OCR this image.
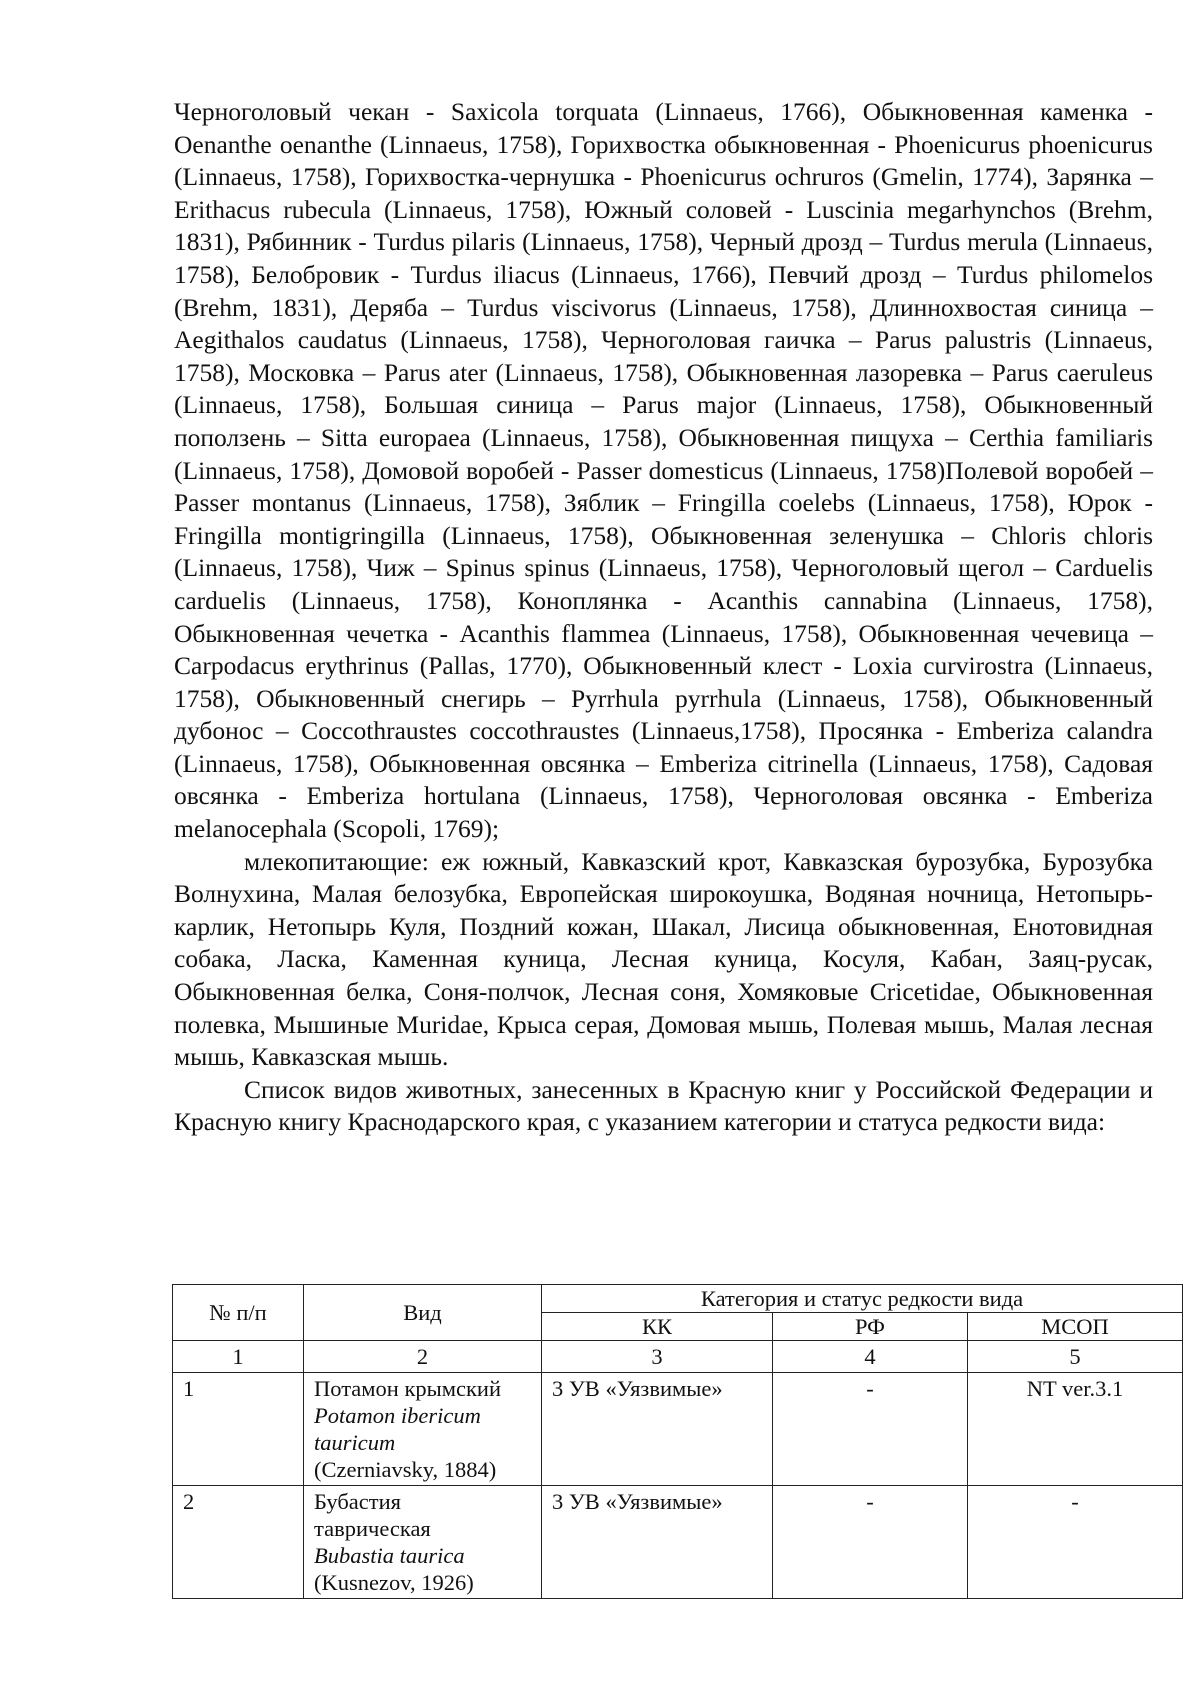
Черноголовый чекан - Saxicola torquata (Linnaeus, 1766), Обыкновенная каменка - Oenanthe oenanthe (Linnaeus, 1758), Горихвостка обыкновенная - Phoenicurus phoenicurus (Linnaeus, 1758), Горихвостка-чернушка - Phoenicurus ochruros (Gmelin, 1774), Зарянка – Erithacus rubecula (Linnaeus, 1758), Южный соловей - Luscinia megarhynchos (Brehm, 1831), Рябинник - Turdus pilaris (Linnaeus, 1758), Черный дрозд – Turdus merula (Linnaeus, 1758), Белобровик - Turdus iliacus (Linnaeus, 1766), Певчий дрозд – Turdus philomelos (Brehm, 1831), Деряба – Turdus viscivorus (Linnaeus, 1758), Длиннохвостая синица – Aegithalos caudatus (Linnaeus, 1758), Черноголовая гаичка – Parus palustris (Linnaeus, 1758), Московка – Parus ater (Linnaeus, 1758), Обыкновенная лазоревка – Parus caeruleus (Linnaeus, 1758), Большая синица – Parus major (Linnaeus, 1758), Обыкновенный поползень – Sitta europaea (Linnaeus, 1758), Обыкновенная пищуха – Certhia familiaris (Linnaeus, 1758), Домовой воробей - Passer domesticus (Linnaeus, 1758)Полевой воробей – Passer montanus (Linnaeus, 1758), Зяблик – Fringilla coelebs (Linnaeus, 1758), Юрок - Fringilla montigringilla (Linnaeus, 1758), Обыкновенная зеленушка – Chloris chloris (Linnaeus, 1758), Чиж – Spinus spinus (Linnaeus, 1758), Черноголовый щегол – Carduelis carduelis (Linnaeus, 1758), Коноплянка - Acanthis cannabina (Linnaeus, 1758), Обыкновенная чечетка - Acanthis flammea (Linnaeus, 1758), Обыкновенная чечевица – Carpodacus erythrinus (Pallas, 1770), Обыкновенный клест - Loxia curvirostra (Linnaeus, 1758), Обыкновенный снегирь – Pyrrhula pyrrhula (Linnaeus, 1758), Обыкновенный дубонос – Coccothraustes coccothraustes (Linnaeus,1758), Просянка - Emberiza calandra (Linnaeus, 1758), Обыкновенная овсянка – Emberiza citrinella (Linnaeus, 1758), Садовая овсянка - Emberiza hortulana (Linnaeus, 1758), Черноголовая овсянка - Emberiza melanocephala (Scopoli, 1769);

млекопитающие: еж южный, Кавказский крот, Кавказская бурозубка, Бурозубка Волнухина, Малая белозубка, Европейская широкоушка, Водяная ночница, Нетопырь-карлик, Нетопырь Куля, Поздний кожан, Шакал, Лисица обыкновенная, Енотовидная собака, Ласка, Каменная куница, Лесная куница, Косуля, Кабан, Заяц-русак, Обыкновенная белка, Соня-полчок, Лесная соня, Хомяковые Cricetidae, Обыкновенная полевка, Мышиные Muridae, Крыса серая, Домовая мышь, Полевая мышь, Малая лесная мышь, Кавказская мышь.

Список видов животных, занесенных в Красную книг у Российской Федерации и Красную книгу Краснодарского края, с указанием категории и статуса редкости вида:

№ п/п	Вид	Категория и статус редкости вида		
		КК	РФ	МСОП
1	2	3	4	5
1	Потамон крымский
Potamon ibericum
tauricum
(Czerniavsky, 1884)	3 УВ «Уязвимые»	-	NT ver.3.1
2	Бубастия
таврическая
Bubastia taurica
(Kusnezov, 1926)	3 УВ «Уязвимые»	-	-
